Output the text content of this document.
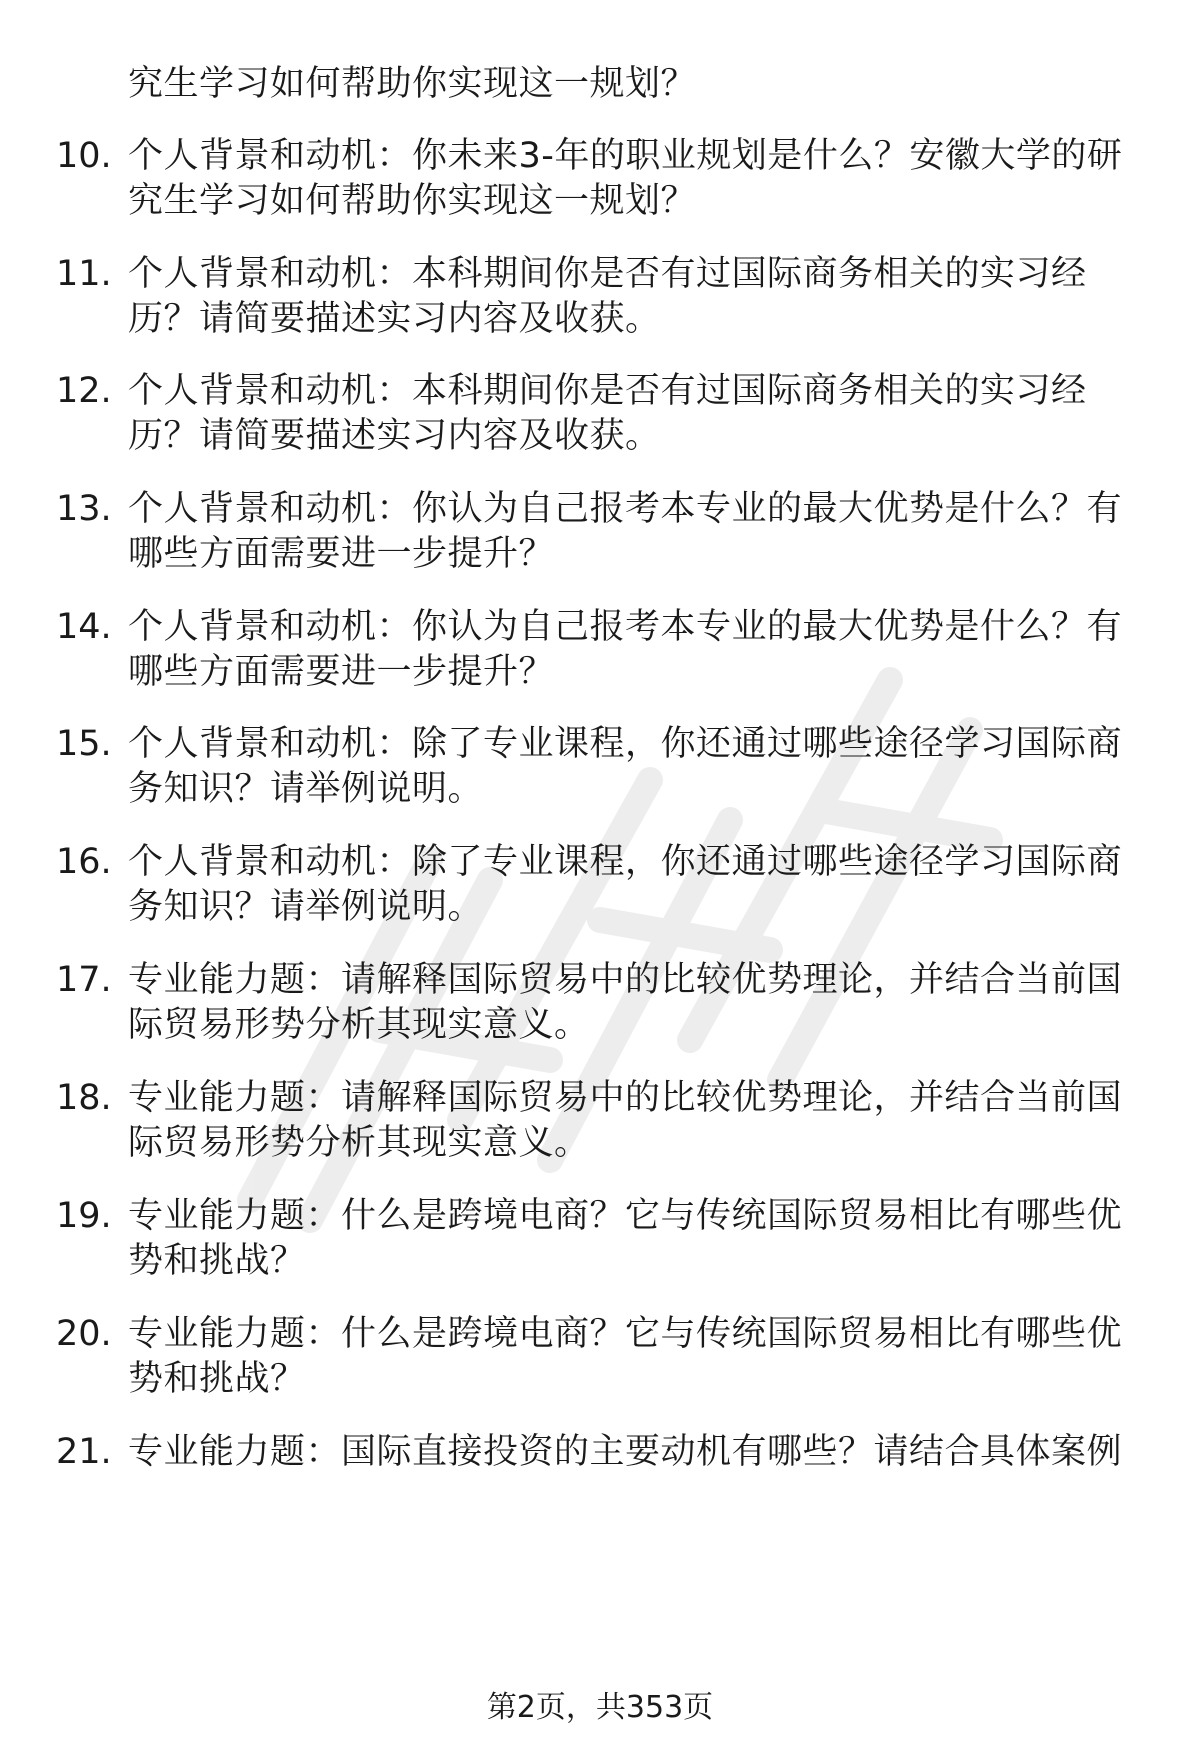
究生学习如何帮助你实现这一规划？
10. 个人背景和动机：你未来3-年的职业规划是什么？安徽大学的研
究生学习如何帮助你实现这一规划？
11. 个人背景和动机：本科期间你是否有过国际商务相关的实习经
历？请简要描述实习内容及收获。
12. 个人背景和动机：本科期间你是否有过国际商务相关的实习经
历？请简要描述实习内容及收获。
13. 个人背景和动机：你认为自己报考本专业的最大优势是什么？有
哪些方面需要进一步提升？
14. 个人背景和动机：你认为自己报考本专业的最大优势是什么？有
哪些方面需要进一步提升？
15. 个人背景和动机：除了专业课程，你还通过哪些途径学习国际商
务知识？请举例说明。
16. 个人背景和动机：除了专业课程，你还通过哪些途径学习国际商
务知识？请举例说明。
17. 专业能力题：请解释国际贸易中的比较优势理论，并结合当前国
际贸易形势分析其现实意义。
18. 专业能力题：请解释国际贸易中的比较优势理论，并结合当前国
际贸易形势分析其现实意义。
19. 专业能力题：什么是跨境电商？它与传统国际贸易相比有哪些优
势和挑战？
20. 专业能力题：什么是跨境电商？它与传统国际贸易相比有哪些优
势和挑战？
21. 专业能力题：国际直接投资的主要动机有哪些？请结合具体案例
第2页，共353页
